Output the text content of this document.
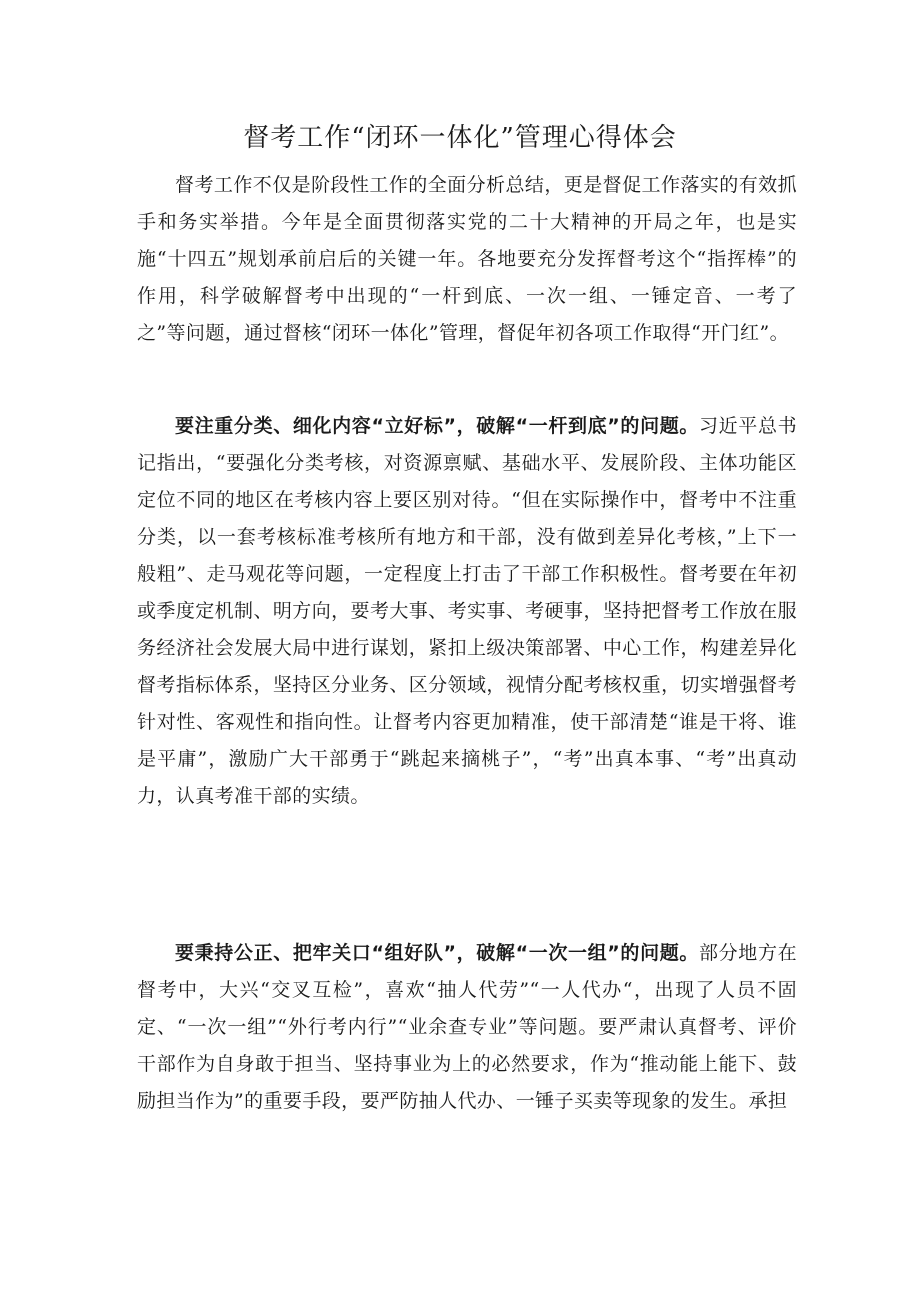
督考工作“闭环一体化”管理心得体会

督考工作不仅是阶段性工作的全面分析总结，更是督促工作落实的有效抓手和务实举措。今年是全面贯彻落实党的二十大精神的开局之年，也是实施“十四五”规划承前启后的关键一年。各地要充分发挥督考这个“指挥棒”的作用，科学破解督考中出现的“一杆到底、一次一组、一锤定音、一考了之”等问题，通过督核“闭环一体化”管理，督促年初各项工作取得“开门红”。

要注重分类、细化内容“立好标”，破解“一杆到底”的问题。习近平总书记指出，“要强化分类考核，对资源禀赋、基础水平、发展阶段、主体功能区定位不同的地区在考核内容上要区别对待。“但在实际操作中，督考中不注重分类，以一套考核标准考核所有地方和干部，没有做到差异化考核，”上下一般粗”、走马观花等问题，一定程度上打击了干部工作积极性。督考要在年初或季度定机制、明方向，要考大事、考实事、考硬事，坚持把督考工作放在服务经济社会发展大局中进行谋划，紧扣上级决策部署、中心工作，构建差异化督考指标体系，坚持区分业务、区分领域，视情分配考核权重，切实增强督考针对性、客观性和指向性。让督考内容更加精准，使干部清楚“谁是干将、谁是平庸”，激励广大干部勇于“跳起来摘桃子”，“考”出真本事、“考”出真动力，认真考准干部的实绩。

要秉持公正、把牢关口“组好队”，破解“一次一组”的问题。部分地方在督考中，大兴“交叉互检”，喜欢“抽人代劳”“一人代办“，出现了人员不固定、“一次一组”“外行考内行”“业余查专业”等问题。要严肃认真督考、评价干部作为自身敢于担当、坚持事业为上的必然要求，作为“推动能上能下、鼓励担当作为”的重要手段，要严防抽人代办、一锤子买卖等现象的发生。承担
